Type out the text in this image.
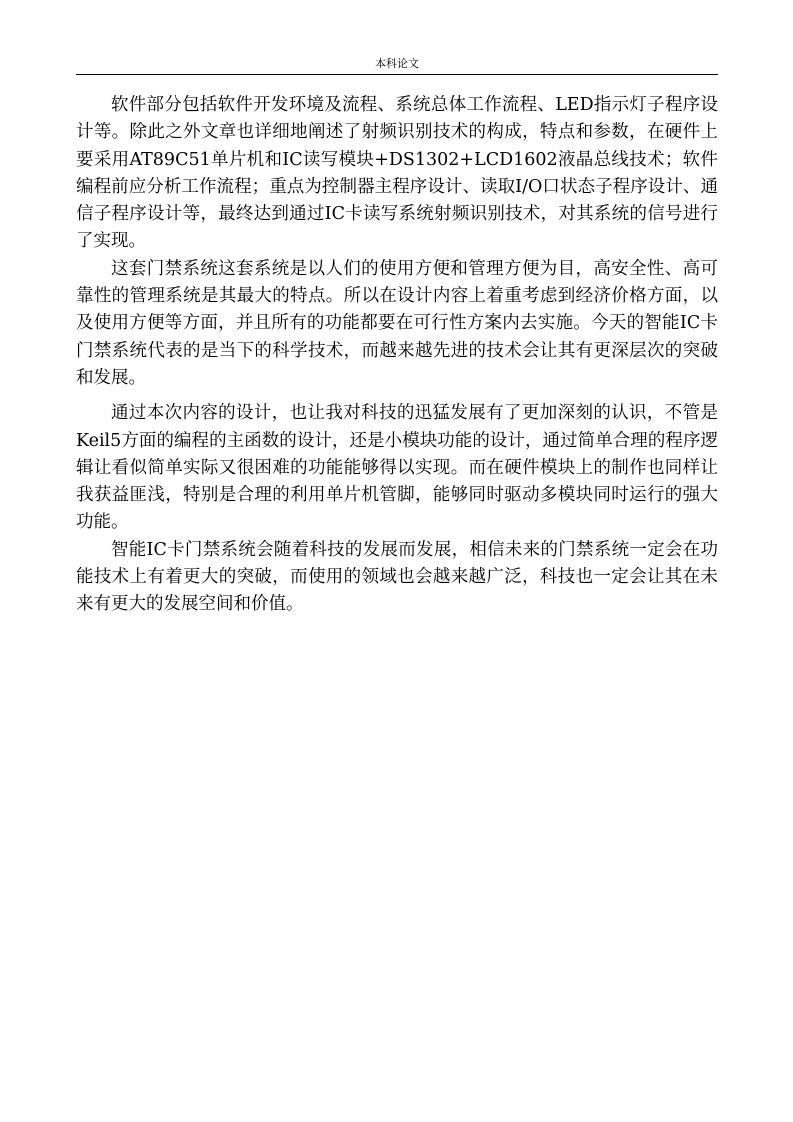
本科论文

软件部分包括软件开发环境及流程、系统总体工作流程、LED指示灯子程序设计等。除此之外文章也详细地阐述了射频识别技术的构成，特点和参数，在硬件上要采用AT89C51单片机和IC读写模块+DS1302+LCD1602液晶总线技术；软件编程前应分析工作流程；重点为控制器主程序设计、读取I/O口状态子程序设计、通信子程序设计等，最终达到通过IC卡读写系统射频识别技术，对其系统的信号进行了实现。

这套门禁系统这套系统是以人们的使用方便和管理方便为目，高安全性、高可靠性的管理系统是其最大的特点。所以在设计内容上着重考虑到经济价格方面，以及使用方便等方面，并且所有的功能都要在可行性方案内去实施。今天的智能IC卡门禁系统代表的是当下的科学技术，而越来越先进的技术会让其有更深层次的突破和发展。

通过本次内容的设计，也让我对科技的迅猛发展有了更加深刻的认识，不管是Keil5方面的编程的主函数的设计，还是小模块功能的设计，通过简单合理的程序逻辑让看似简单实际又很困难的功能能够得以实现。而在硬件模块上的制作也同样让我获益匪浅，特别是合理的利用单片机管脚，能够同时驱动多模块同时运行的强大功能。

智能IC卡门禁系统会随着科技的发展而发展，相信未来的门禁系统一定会在功能技术上有着更大的突破，而使用的领域也会越来越广泛，科技也一定会让其在未来有更大的发展空间和价值。
